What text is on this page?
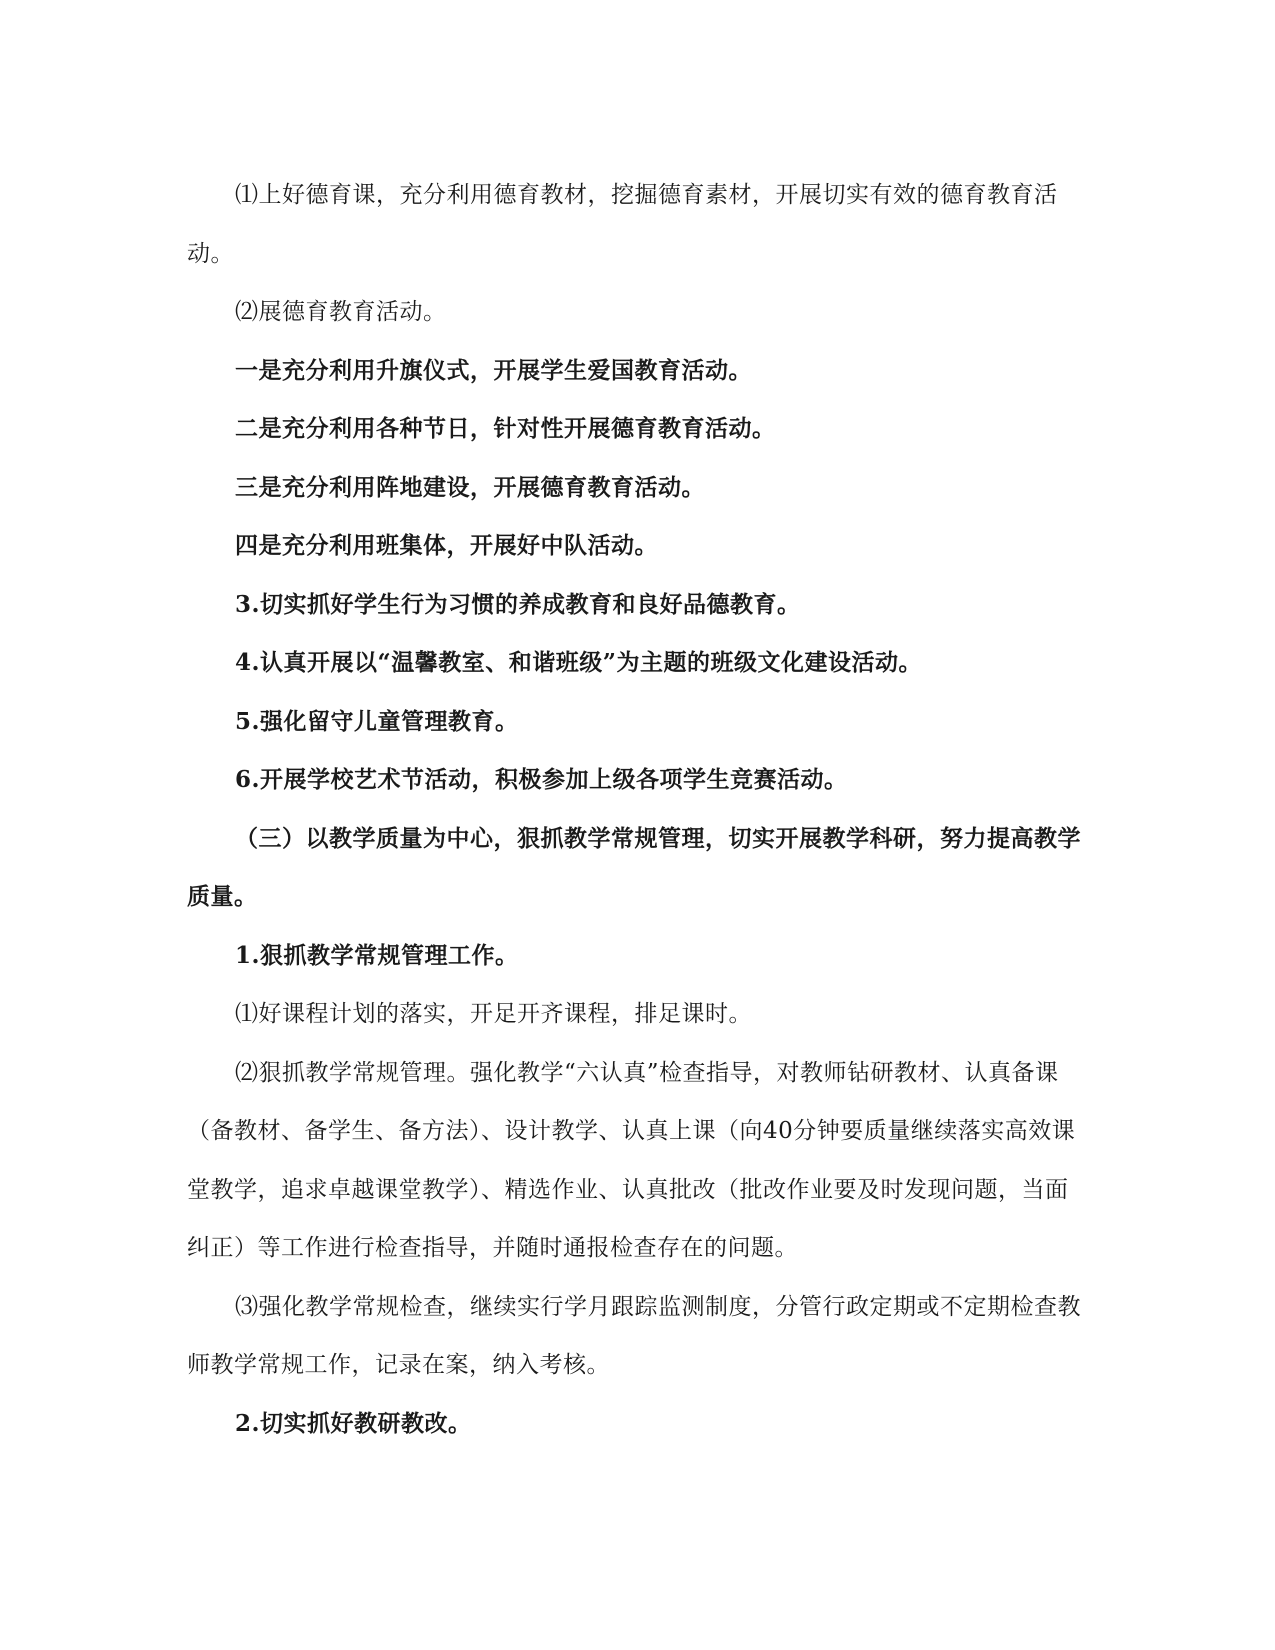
⑴上好德育课，充分利用德育教材，挖掘德育素材，开展切实有效的德育教育活动。

⑵展德育教育活动。

一是充分利用升旗仪式，开展学生爱国教育活动。

二是充分利用各种节日，针对性开展德育教育活动。

三是充分利用阵地建设，开展德育教育活动。

四是充分利用班集体，开展好中队活动。

3.切实抓好学生行为习惯的养成教育和良好品德教育。

4.认真开展以“温馨教室、和谐班级”为主题的班级文化建设活动。

5.强化留守儿童管理教育。

6.开展学校艺术节活动，积极参加上级各项学生竞赛活动。

（三）以教学质量为中心，狠抓教学常规管理，切实开展教学科研，努力提高教学质量。

1.狠抓教学常规管理工作。

⑴好课程计划的落实，开足开齐课程，排足课时。

⑵狠抓教学常规管理。强化教学“六认真”检查指导，对教师钻研教材、认真备课（备教材、备学生、备方法）、设计教学、认真上课（向40分钟要质量继续落实高效课堂教学，追求卓越课堂教学）、精选作业、认真批改（批改作业要及时发现问题，当面纠正）等工作进行检查指导，并随时通报检查存在的问题。

⑶强化教学常规检查，继续实行学月跟踪监测制度，分管行政定期或不定期检查教师教学常规工作，记录在案，纳入考核。

2.切实抓好教研教改。
